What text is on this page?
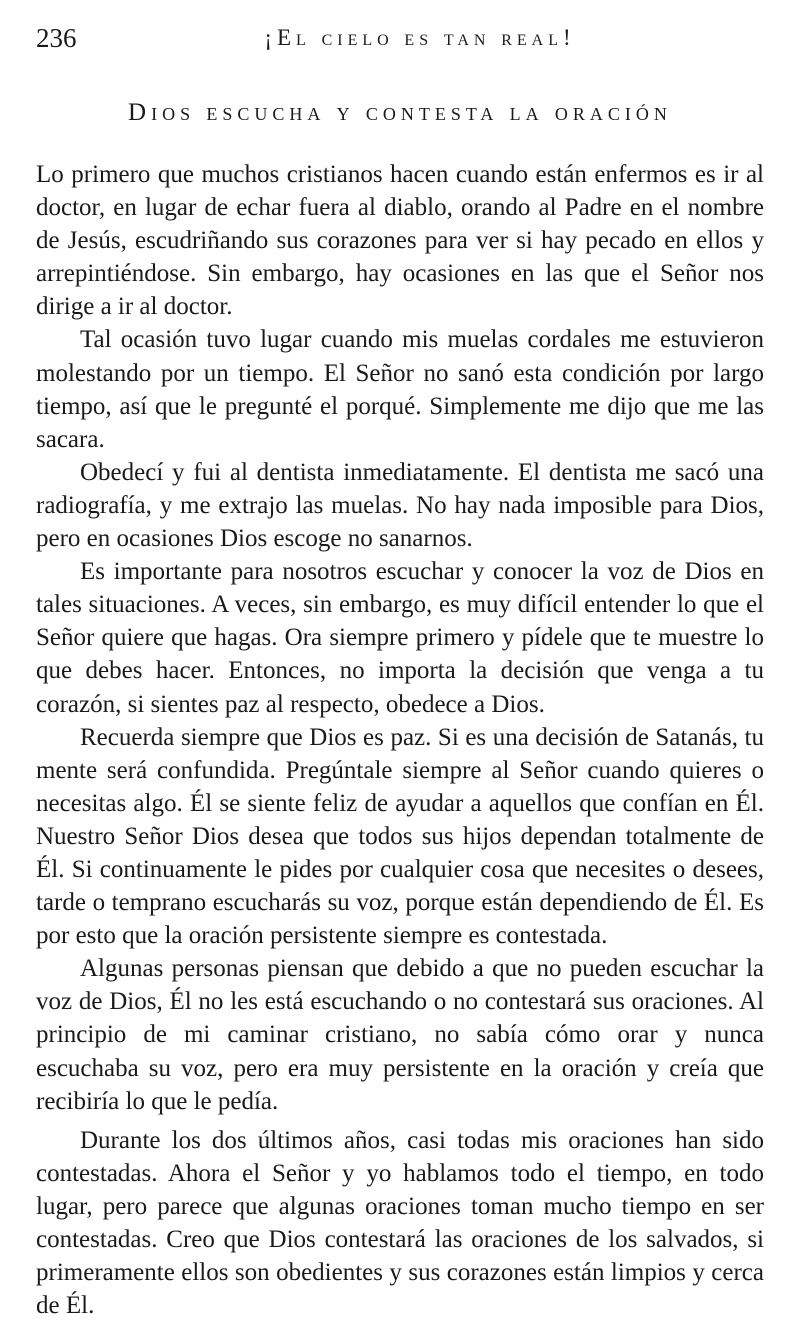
236	¡El cielo es tan real!
Dios escucha y contesta la oración

Lo primero que muchos cristianos hacen cuando están enfermos es ir al doctor, en lugar de echar fuera al diablo, orando al Padre en el nombre de Jesús, escudriñando sus corazones para ver si hay pecado en ellos y arrepintiéndose. Sin embargo, hay ocasiones en las que el Señor nos dirige a ir al doctor.

Tal ocasión tuvo lugar cuando mis muelas cordales me estuvieron molestando por un tiempo. El Señor no sanó esta condición por largo tiempo, así que le pregunté el porqué. Simplemente me dijo que me las sacara.

Obedecí y fui al dentista inmediatamente. El dentista me sacó una radiografía, y me extrajo las muelas. No hay nada imposible para Dios, pero en ocasiones Dios escoge no sanarnos.

Es importante para nosotros escuchar y conocer la voz de Dios en tales situaciones. A veces, sin embargo, es muy difícil entender lo que el Señor quiere que hagas. Ora siempre primero y pídele que te muestre lo que debes hacer. Entonces, no importa la decisión que venga a tu corazón, si sientes paz al respecto, obedece a Dios.

Recuerda siempre que Dios es paz. Si es una decisión de Satanás, tu mente será confundida. Pregúntale siempre al Señor cuando quieres o necesitas algo. Él se siente feliz de ayudar a aquellos que confían en Él. Nuestro Señor Dios desea que todos sus hijos dependan totalmente de Él. Si continuamente le pides por cualquier cosa que necesites o desees, tarde o temprano escucharás su voz, porque están dependiendo de Él. Es por esto que la oración persistente siempre es contestada.

Algunas personas piensan que debido a que no pueden escuchar la voz de Dios, Él no les está escuchando o no contestará sus oraciones. Al principio de mi caminar cristiano, no sabía cómo orar y nunca escuchaba su voz, pero era muy persistente en la oración y creía que recibiría lo que le pedía.

Durante los dos últimos años, casi todas mis oraciones han sido contestadas. Ahora el Señor y yo hablamos todo el tiempo, en todo lugar, pero parece que algunas oraciones toman mucho tiempo en ser contestadas. Creo que Dios contestará las oraciones de los salvados, si primeramente ellos son obedientes y sus corazones están limpios y cerca de Él.
